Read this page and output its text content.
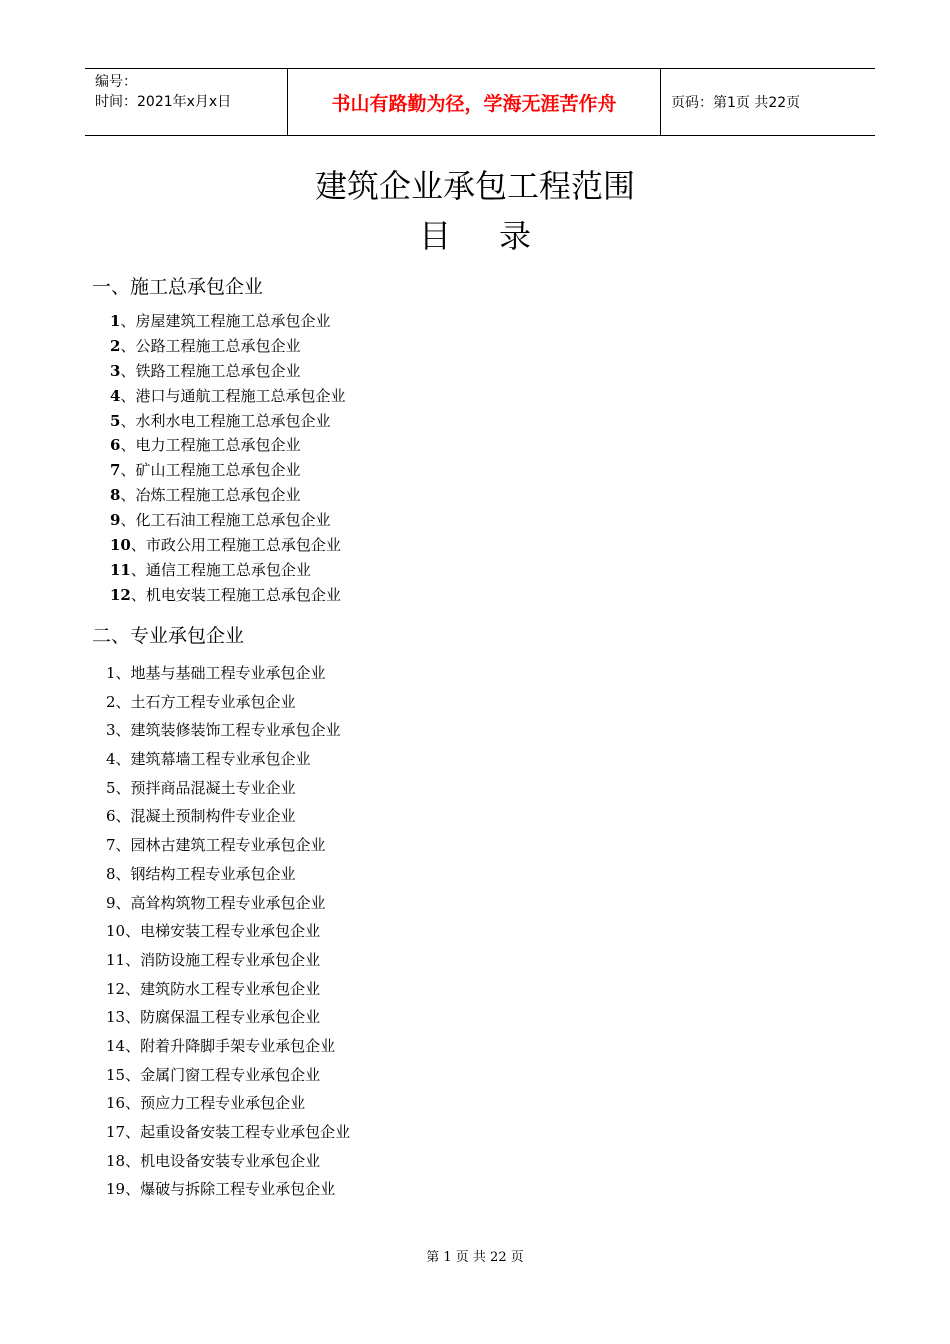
编号：
时间：2021年x月x日	书山有路勤为径，学海无涯苦作舟	页码：第1页 共22页
建筑企业承包工程范围
目录
一、施工总承包企业
1、房屋建筑工程施工总承包企业
2、公路工程施工总承包企业
3、铁路工程施工总承包企业
4、港口与通航工程施工总承包企业
5、水利水电工程施工总承包企业
6、电力工程施工总承包企业
7、矿山工程施工总承包企业
8、冶炼工程施工总承包企业
9、化工石油工程施工总承包企业
10、市政公用工程施工总承包企业
11、通信工程施工总承包企业
12、机电安装工程施工总承包企业
二、专业承包企业
1、地基与基础工程专业承包企业
2、土石方工程专业承包企业
3、建筑装修装饰工程专业承包企业
4、建筑幕墙工程专业承包企业
5、预拌商品混凝土专业企业
6、混凝土预制构件专业企业
7、园林古建筑工程专业承包企业
8、钢结构工程专业承包企业
9、高耸构筑物工程专业承包企业
10、电梯安装工程专业承包企业
11、消防设施工程专业承包企业
12、建筑防水工程专业承包企业
13、防腐保温工程专业承包企业
14、附着升降脚手架专业承包企业
15、金属门窗工程专业承包企业
16、预应力工程专业承包企业
17、起重设备安装工程专业承包企业
18、机电设备安装专业承包企业
19、爆破与拆除工程专业承包企业
第 1 页 共 22 页
